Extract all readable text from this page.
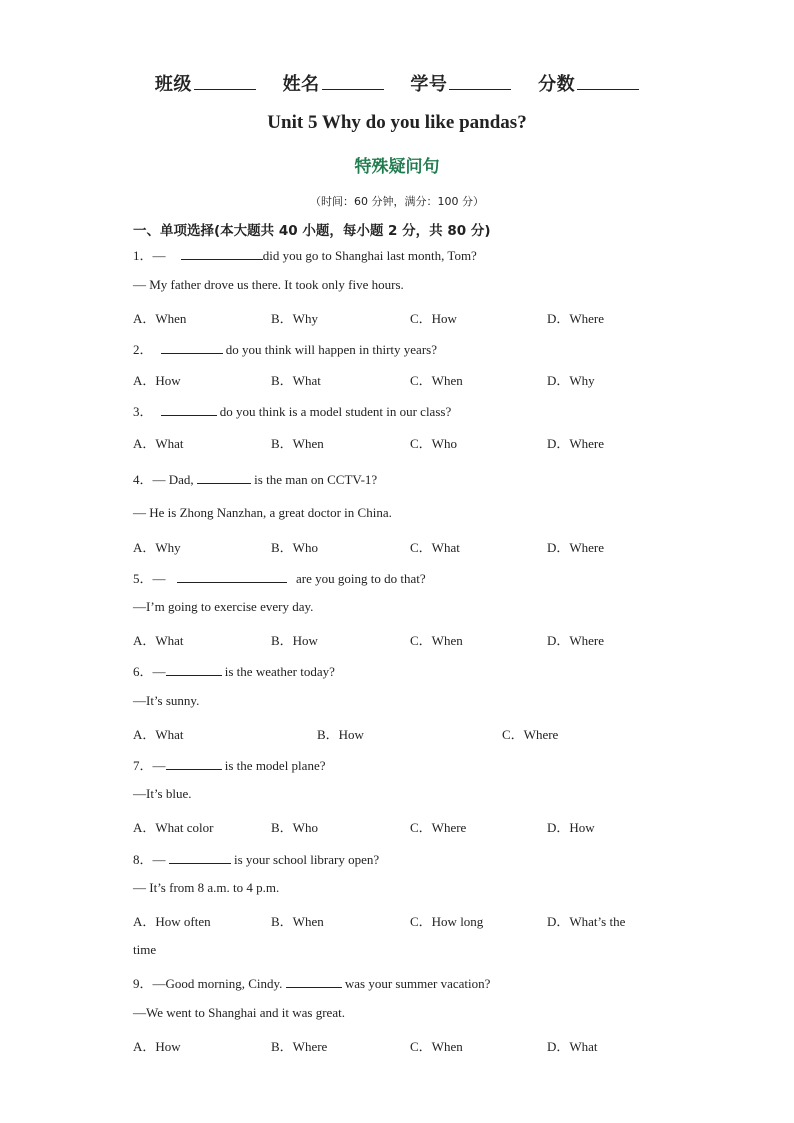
班级	姓名	学号	分数
Unit 5 Why do you like pandas?
特殊疑问句
（时间：60 分钟，满分：100 分）
一、单项选择(本大题共 40 小题，每小题 2 分，共 80 分)
1．—	did you go to Shanghai last month, Tom?
— My father drove us there. It took only five hours.
A．When	B．Why	C．How	D．Where
2．	do you think will happen in thirty years?
A．How	B．What	C．When	D．Why
3．	do you think is a model student in our class?
A．What	B．When	C．Who	D．Where
4．— Dad,	is the man on CCTV-1?
— He is Zhong Nanzhan, a great doctor in China.
A．Why	B．Who	C．What	D．Where
5．—	are you going to do that?
—I’m going to exercise every day.
A．What	B．How	C．When	D．Where
6．—	is the weather today?
—It’s sunny.
A．What	B．How	C．Where
7．—	is the model plane?
—It’s blue.
A．What color	B．Who	C．Where	D．How
8．—	is your school library open?
— It’s from 8 a.m. to 4 p.m.
A．How often	B．When	C．How long	D．What’s the
time
9．—Good morning, Cindy.	was your summer vacation?
—We went to Shanghai and it was great.
A．How	B．Where	C．When	D．What
